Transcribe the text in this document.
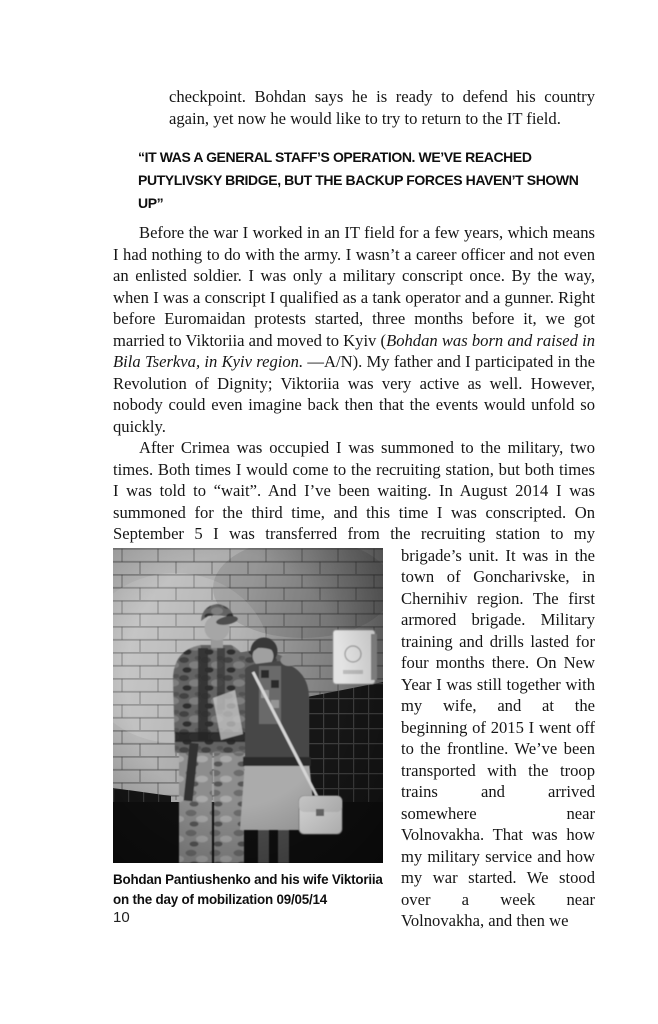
checkpoint. Bohdan says he is ready to defend his country again, yet now he would like to try to return to the IT field.
“IT WAS A GENERAL STAFF’S OPERATION. WE’VE REACHED PUTYLIVSKY BRIDGE, BUT THE BACKUP FORCES HAVEN’T SHOWN UP”
Before the war I worked in an IT field for a few years, which means I had nothing to do with the army. I wasn’t a career officer and not even an enlisted soldier. I was only a military conscript once. By the way, when I was a conscript I qualified as a tank operator and a gunner. Right before Euromaidan protests started, three months before it, we got married to Viktoriia and moved to Kyiv (Bohdan was born and raised in Bila Tserkva, in Kyiv region. —A/N). My father and I participated in the Revolution of Dignity; Viktoriia was very active as well. However, nobody could even imagine back then that the events would unfold so quickly.
After Crimea was occupied I was summoned to the military, two times. Both times I would come to the recruiting station, but both times I was told to “wait”. And I’ve been waiting. In August 2014 I was summoned for the third time, and this time I was conscripted. On September 5 I was transferred from the recruiting station to my
Bohdan Pantiushenko and his wife Viktoriia
on the day of mobilization 09/05/14
brigade’s unit. It was in the town of Goncharivske, in Chernihiv region. The first armored brigade. Military training and drills lasted for four months there. On New Year I was still together with my wife, and at the beginning of 2015 I went off to the frontline. We’ve been transported with the troop trains and arrived somewhere near Volnovakha. That was how my military service and how my war started. We stood over a week near Volnovakha, and then we
10
